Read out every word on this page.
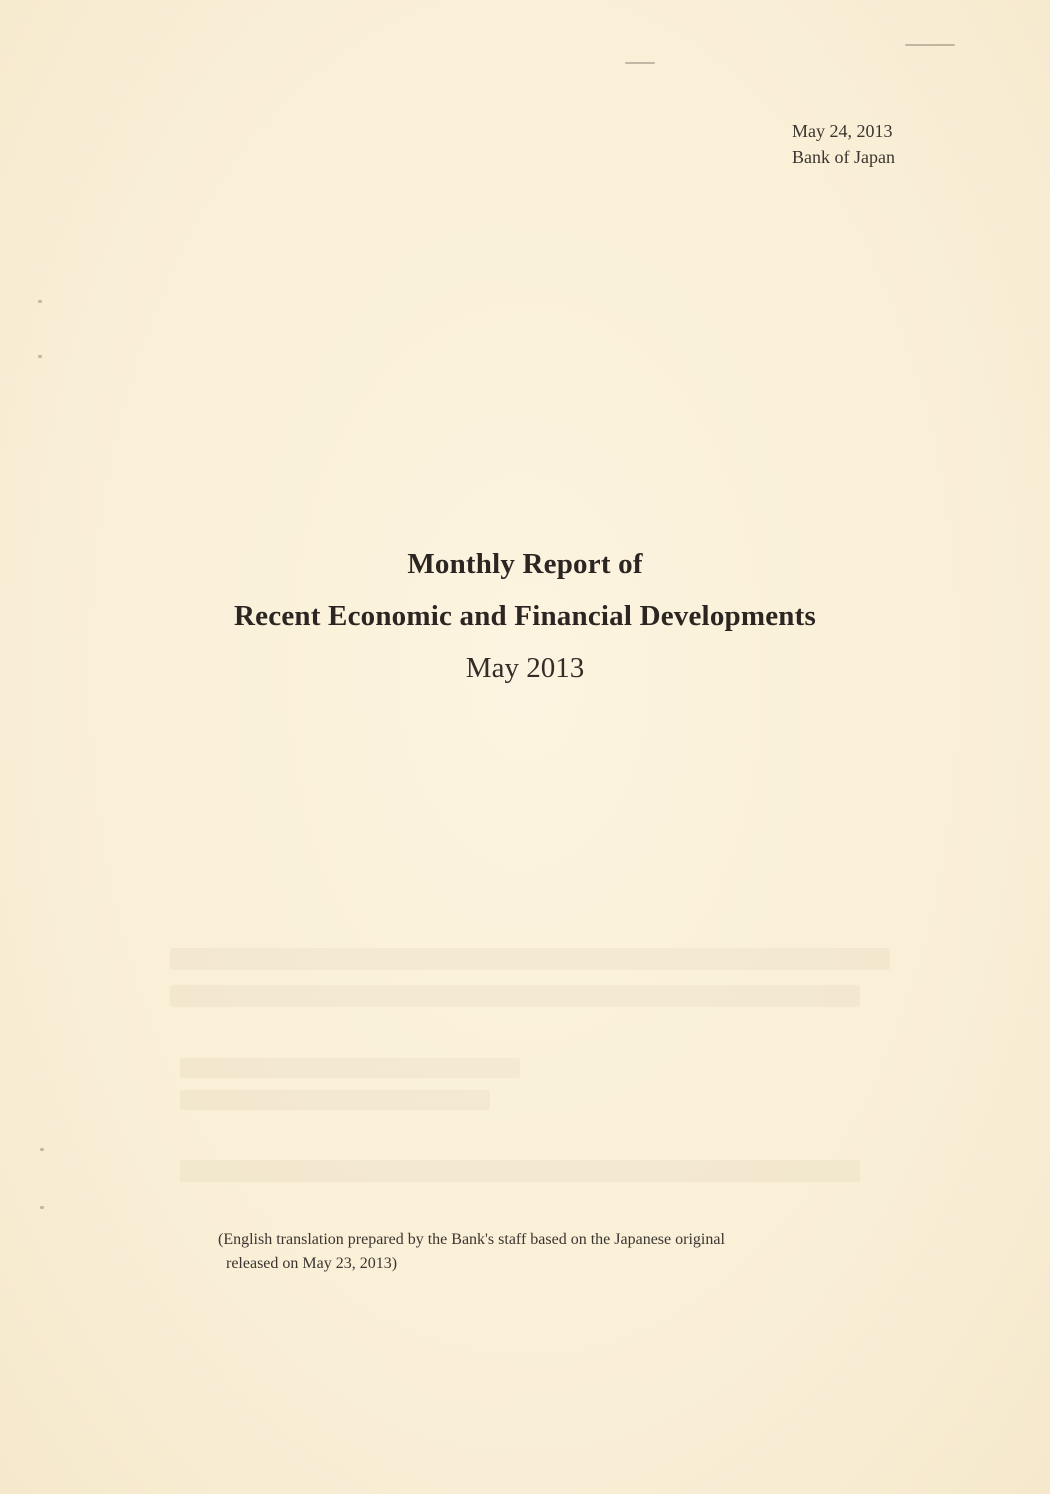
May 24, 2013
Bank of Japan
Monthly Report of
Recent Economic and Financial Developments
May 2013
(English translation prepared by the Bank's staff based on the Japanese original
released on May 23, 2013)
